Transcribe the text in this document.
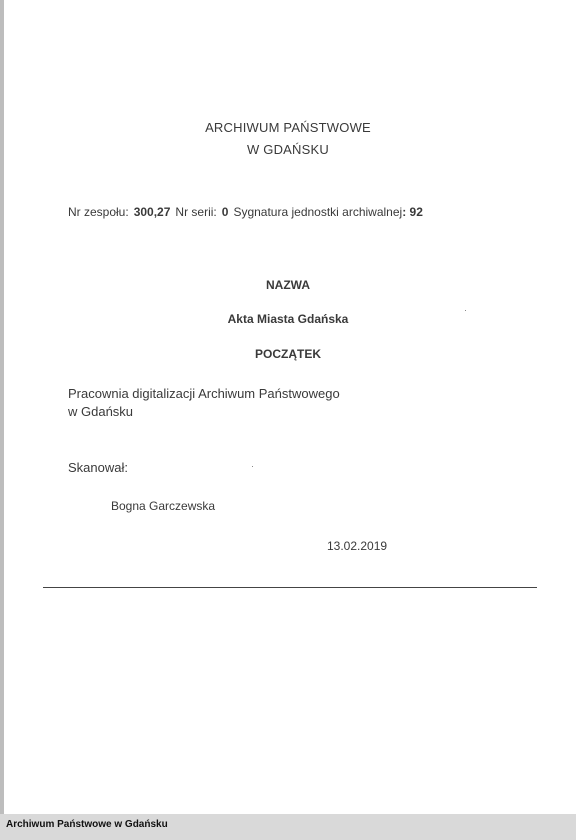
ARCHIWUM PAŃSTWOWE
W GDAŃSKU
Nr zespołu: 300,27 Nr serii: 0 Sygnatura jednostki archiwalnej: 92
NAZWA
Akta Miasta Gdańska
POCZĄTEK
Pracownia digitalizacji Archiwum Państwowego
w Gdańsku
Skanował:
Bogna Garczewska
13.02.2019
Archiwum Państwowe w Gdańsku
